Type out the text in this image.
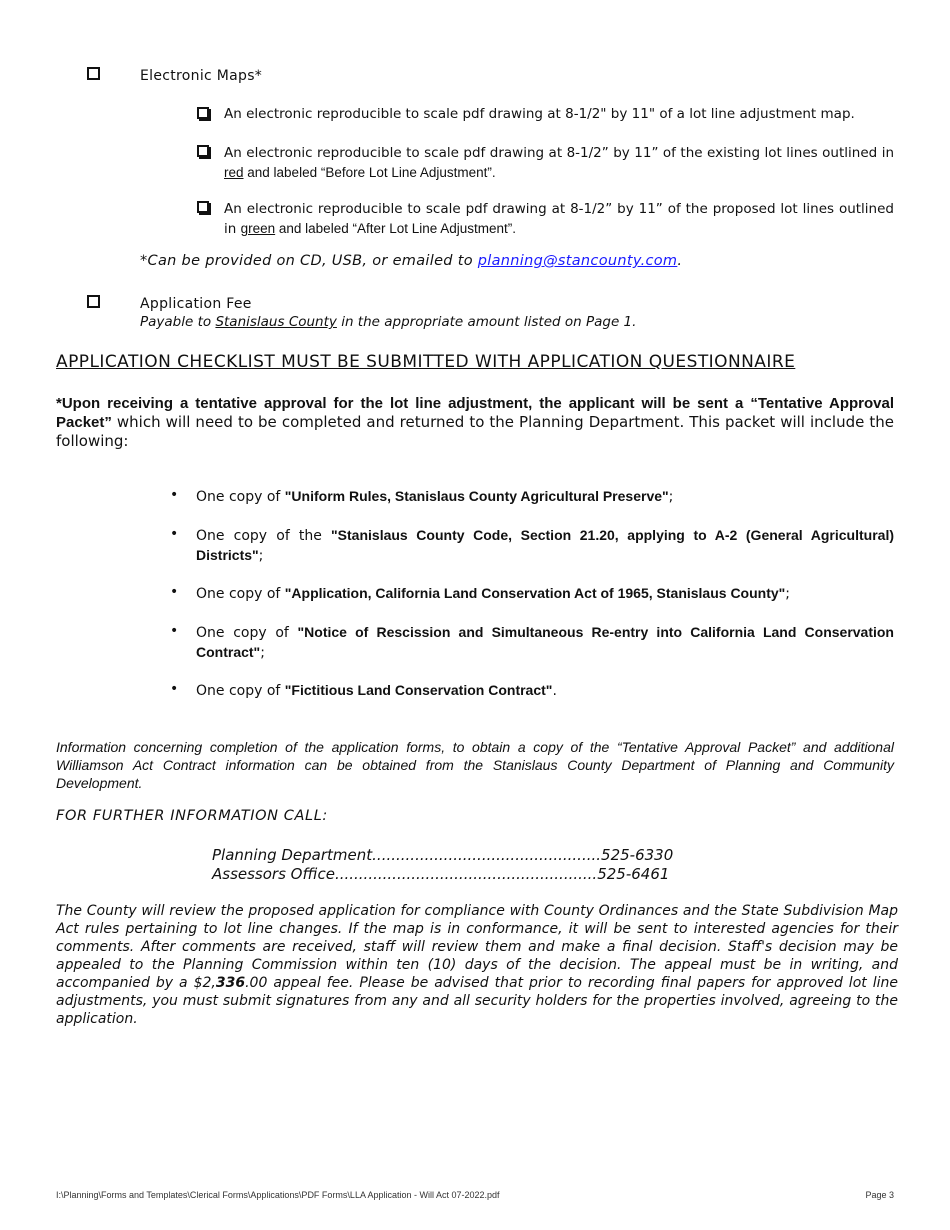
Electronic Maps*
An electronic reproducible to scale pdf drawing at 8-1/2" by 11" of a lot line adjustment map.
An electronic reproducible to scale pdf drawing at 8-1/2” by 11” of the existing lot lines outlined in red and labeled “Before Lot Line Adjustment”.
An electronic reproducible to scale pdf drawing at 8-1/2” by 11” of the proposed lot lines outlined in green and labeled “After Lot Line Adjustment”.
*Can be provided on CD, USB, or emailed to planning@stancounty.com.
Application Fee
Payable to Stanislaus County in the appropriate amount listed on Page 1.
APPLICATION CHECKLIST MUST BE SUBMITTED WITH APPLICATION QUESTIONNAIRE
*Upon receiving a tentative approval for the lot line adjustment, the applicant will be sent a “Tentative Approval Packet” which will need to be completed and returned to the Planning Department. This packet will include the following:
• One copy of "Uniform Rules, Stanislaus County Agricultural Preserve";
• One copy of the "Stanislaus County Code, Section 21.20, applying to A-2 (General Agricultural) Districts";
• One copy of "Application, California Land Conservation Act of 1965, Stanislaus County";
• One copy of "Notice of Rescission and Simultaneous Re-entry into California Land Conservation Contract";
• One copy of "Fictitious Land Conservation Contract".
Information concerning completion of the application forms, to obtain a copy of the “Tentative Approval Packet” and additional Williamson Act Contract information can be obtained from the Stanislaus County Department of Planning and Community Development.
FOR FURTHER INFORMATION CALL:
Planning Department................................................525-6330
Assessors Office.......................................................525-6461
The County will review the proposed application for compliance with County Ordinances and the State Subdivision Map Act rules pertaining to lot line changes. If the map is in conformance, it will be sent to interested agencies for their comments. After comments are received, staff will review them and make a final decision. Staff's decision may be appealed to the Planning Commission within ten (10) days of the decision. The appeal must be in writing, and accompanied by a $2,336.00 appeal fee. Please be advised that prior to recording final papers for approved lot line adjustments, you must submit signatures from any and all security holders for the properties involved, agreeing to the application.
I:\Planning\Forms and Templates\Clerical Forms\Applications\PDF Forms\LLA Application - Will Act 07-2022.pdf	Page 3
